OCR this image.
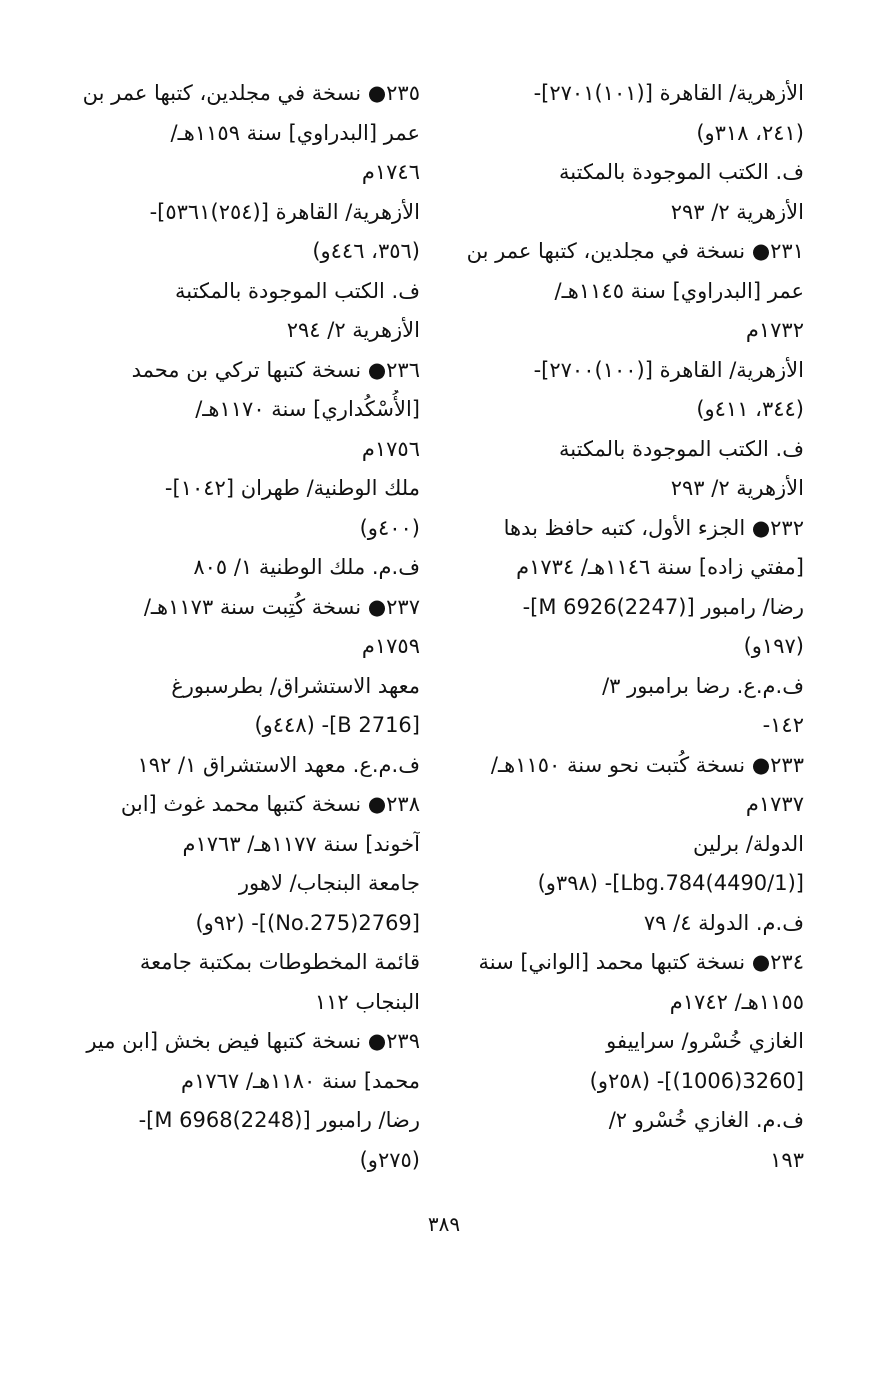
الأزهرية/ القاهرة [(١٠١)٢٧٠١]-
(٢٤١، ٣١٨و)
ف. الكتب الموجودة بالمكتبة
الأزهرية ٢/ ٢٩٣
٢٣١● نسخة في مجلدين، كتبها عمر بن
عمر [البدراوي] سنة ١١٤٥هـ/
١٧٣٢م
الأزهرية/ القاهرة [(١٠٠)٢٧٠٠]-
(٣٤٤، ٤١١و)
ف. الكتب الموجودة بالمكتبة
الأزهرية ٢/ ٢٩٣
٢٣٢● الجزء الأول، كتبه حافظ بدها
[مفتي زاده] سنة ١١٤٦هـ/ ١٧٣٤م
رضا/ رامبور [M 6926(2247)]-
(١٩٧و)
ف.م.ع. رضا برامبور ٣/
١٤٢-
٢٣٣● نسخة كُتبت نحو سنة ١١٥٠هـ/
١٧٣٧م
الدولة/ برلين
[Lbg.784(4490/1)]- (٣٩٨و)
ف.م. الدولة ٤/ ٧٩
٢٣٤● نسخة كتبها محمد [الواني] سنة
١١٥٥هـ/ ١٧٤٢م
الغازي خُسْرو/ سراييفو
[3260(1006)]- (٢٥٨و)
ف.م. الغازي خُسْرو ٢/
١٩٣
٢٣٥● نسخة في مجلدين، كتبها عمر بن
عمر [البدراوي] سنة ١١٥٩هـ/
١٧٤٦م
الأزهرية/ القاهرة [(٢٥٤)٥٣٦١]-
(٣٥٦، ٤٤٦و)
ف. الكتب الموجودة بالمكتبة
الأزهرية ٢/ ٢٩٤
٢٣٦● نسخة كتبها تركي بن محمد
[الأُسْكُداري] سنة ١١٧٠هـ/
١٧٥٦م
ملك الوطنية/ طهران [١٠٤٢]-
(٤٠٠و)
ف.م. ملك الوطنية ١/ ٨٠٥
٢٣٧● نسخة كُتِبت سنة ١١٧٣هـ/
١٧٥٩م
معهد الاستشراق/ بطرسبورغ
[B 2716]- (٤٤٨و)
ف.م.ع. معهد الاستشراق ١/ ١٩٢
٢٣٨● نسخة كتبها محمد غوث [ابن
آخوند] سنة ١١٧٧هـ/ ١٧٦٣م
جامعة البنجاب/ لاهور
[2769(No.275)]- (٩٢و)
قائمة المخطوطات بمكتبة جامعة
البنجاب ١١٢
٢٣٩● نسخة كتبها فيض بخش [ابن مير
محمد] سنة ١١٨٠هـ/ ١٧٦٧م
رضا/ رامبور [M 6968(2248)]-
(٢٧٥و)
٣٨٩
